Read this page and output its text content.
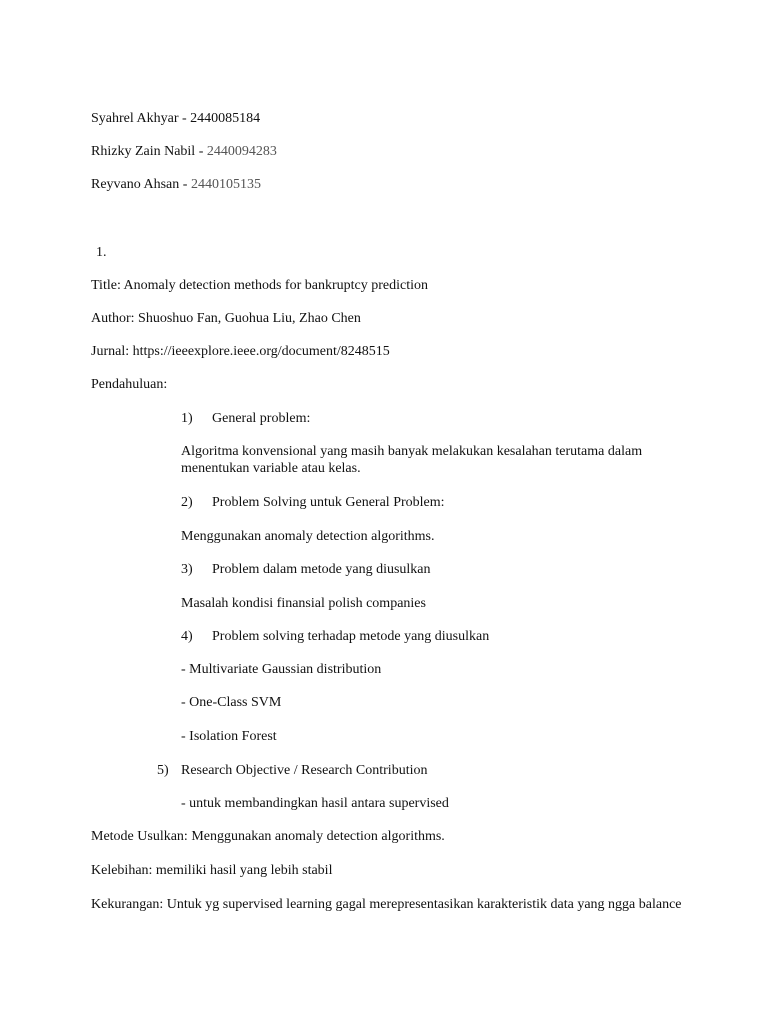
Syahrel Akhyar - 2440085184
Rhizky Zain Nabil - 2440094283
Reyvano Ahsan - 2440105135
1.
Title: Anomaly detection methods for bankruptcy prediction
Author: Shuoshuo Fan, Guohua Liu, Zhao Chen
Jurnal: https://ieeexplore.ieee.org/document/8248515
Pendahuluan:
1) General problem:
Algoritma konvensional yang masih banyak melakukan kesalahan terutama dalam menentukan variable atau kelas.
2) Problem Solving untuk General Problem:
Menggunakan anomaly detection algorithms.
3) Problem dalam metode yang diusulkan
Masalah kondisi finansial polish companies
4) Problem solving terhadap metode yang diusulkan
- Multivariate Gaussian distribution
- One-Class SVM
- Isolation Forest
5) Research Objective / Research Contribution
- untuk membandingkan hasil antara supervised
Metode Usulkan: Menggunakan anomaly detection algorithms.
Kelebihan: memiliki hasil yang lebih stabil
Kekurangan: Untuk yg supervised learning gagal merepresentasikan karakteristik data yang ngga balance
